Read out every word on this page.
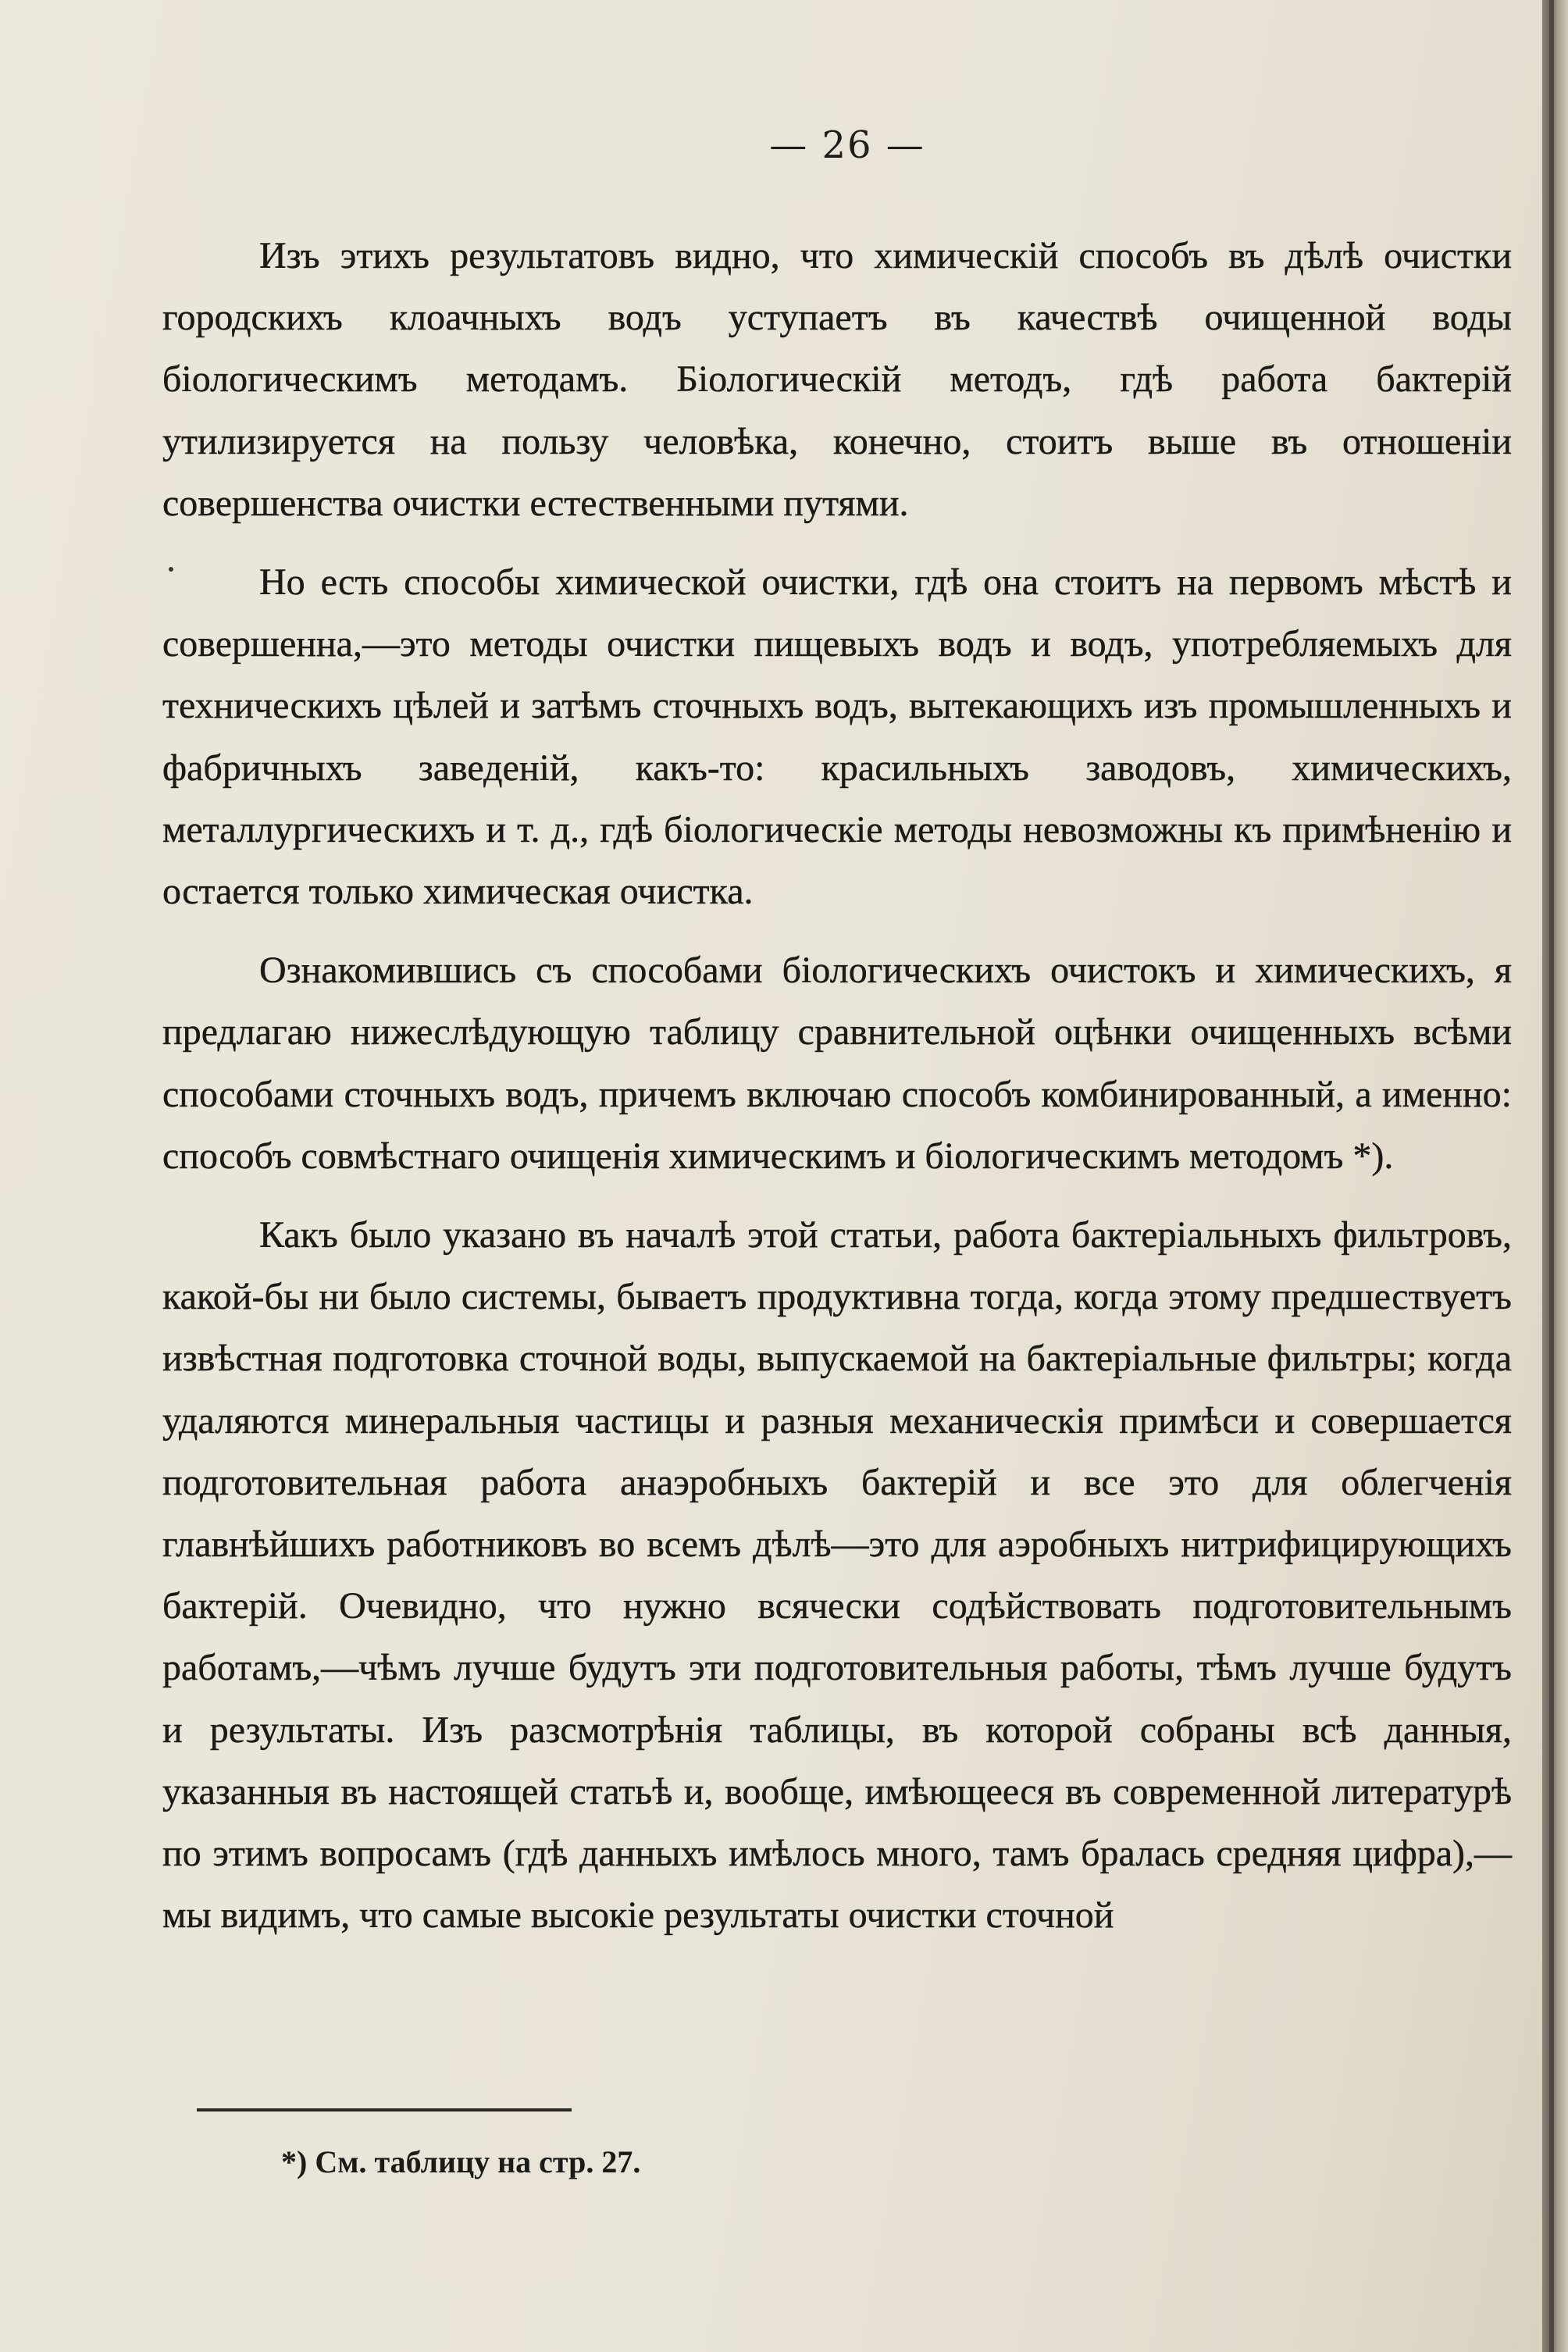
— 26 —

Изъ этихъ результатовъ видно, что химическій способъ въ дѣлѣ очистки городскихъ клоачныхъ водъ уступаетъ въ качествѣ очищенной воды біологическимъ методамъ. Біологическій методъ, гдѣ работа бактерій утилизируется на пользу человѣка, конечно, стоитъ выше въ отношеніи совершенства очистки естественными путями.

Но есть способы химической очистки, гдѣ она стоитъ на первомъ мѣстѣ и совершенна,—это методы очистки пищевыхъ водъ и водъ, употребляемыхъ для техническихъ цѣлей и затѣмъ сточныхъ водъ, вытекающихъ изъ промышленныхъ и фабричныхъ заведеній, какъ-то: красильныхъ заводовъ, химическихъ, металлургическихъ и т. д., гдѣ біологическіе методы невозможны къ примѣненію и остается только химическая очистка.

Ознакомившись съ способами біологическихъ очистокъ и химическихъ, я предлагаю нижеслѣдующую таблицу сравнительной оцѣнки очищенныхъ всѣми способами сточныхъ водъ, причемъ включаю способъ комбинированный, а именно: способъ совмѣстнаго очищенія химическимъ и біологическимъ методомъ *).

Какъ было указано въ началѣ этой статьи, работа бактеріальныхъ фильтровъ, какой-бы ни было системы, бываетъ продуктивна тогда, когда этому предшествуетъ извѣстная подготовка сточной воды, выпускаемой на бактеріальные фильтры; когда удаляются минеральныя частицы и разныя механическія примѣси и совершается подготовительная работа анаэробныхъ бактерій и все это для облегченія главнѣйшихъ работниковъ во всемъ дѣлѣ—это для аэробныхъ нитрифицирующихъ бактерій. Очевидно, что нужно всячески содѣйствовать подготовительнымъ работамъ,—чѣмъ лучше будутъ эти подготовительныя работы, тѣмъ лучше будутъ и результаты. Изъ разсмотрѣнія таблицы, въ которой собраны всѣ данныя, указанныя въ настоящей статьѣ и, вообще, имѣющееся въ современной литературѣ по этимъ вопросамъ (гдѣ данныхъ имѣлось много, тамъ бралась средняя цифра),—мы видимъ, что самые высокіе результаты очистки сточной

*) См. таблицу на стр. 27.
